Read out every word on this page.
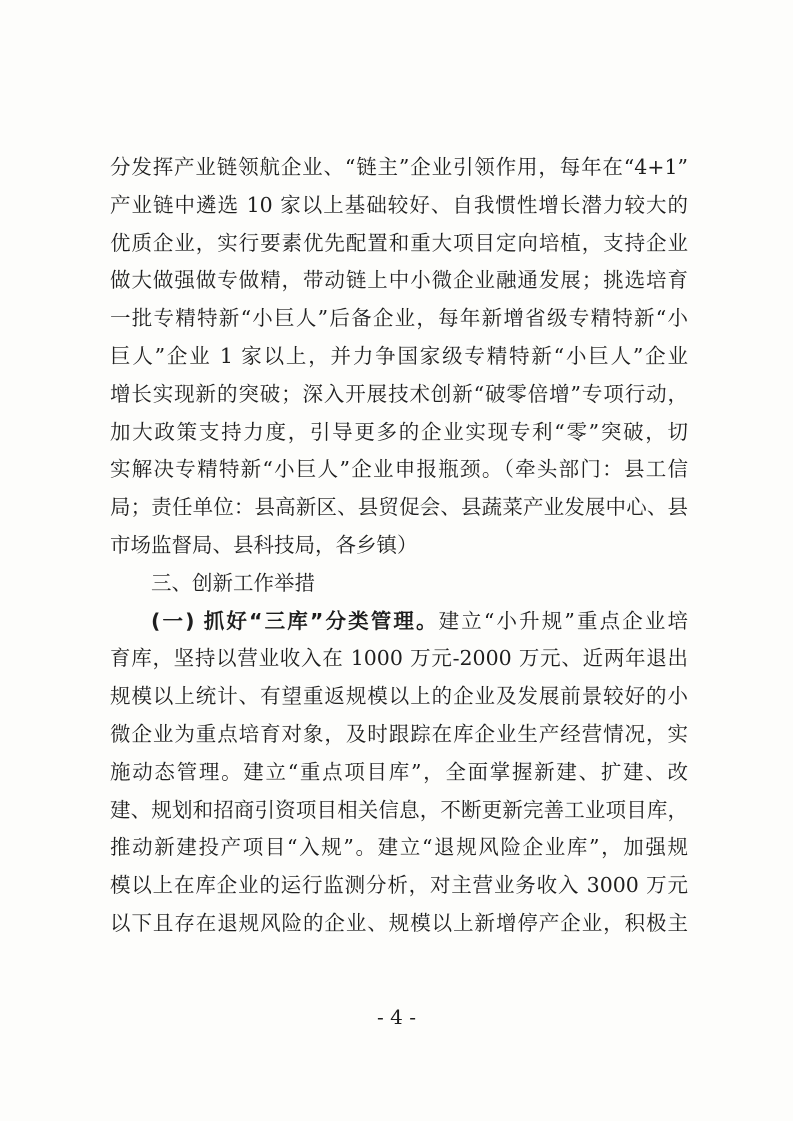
分发挥产业链领航企业、“链主”企业引领作用，每年在“4+1”
产业链中遴选 10 家以上基础较好、自我惯性增长潜力较大的
优质企业，实行要素优先配置和重大项目定向培植，支持企业
做大做强做专做精，带动链上中小微企业融通发展；挑选培育
一批专精特新“小巨人”后备企业，每年新增省级专精特新“小
巨人”企业 1 家以上，并力争国家级专精特新“小巨人”企业
增长实现新的突破；深入开展技术创新“破零倍增”专项行动，
加大政策支持力度，引导更多的企业实现专利“零”突破，切
实解决专精特新“小巨人”企业申报瓶颈。（牵头部门：县工信
局；责任单位：县高新区、县贸促会、县蔬菜产业发展中心、县
市场监督局、县科技局，各乡镇）
三、创新工作举措
(一) 抓好“三库”分类管理。建立“小升规”重点企业培
育库，坚持以营业收入在 1000 万元-2000 万元、近两年退出
规模以上统计、有望重返规模以上的企业及发展前景较好的小
微企业为重点培育对象，及时跟踪在库企业生产经营情况，实
施动态管理。建立“重点项目库”，全面掌握新建、扩建、改
建、规划和招商引资项目相关信息，不断更新完善工业项目库，
推动新建投产项目“入规”。建立“退规风险企业库”，加强规
模以上在库企业的运行监测分析，对主营业务收入 3000 万元
以下且存在退规风险的企业、规模以上新增停产企业，积极主
- 4 -
